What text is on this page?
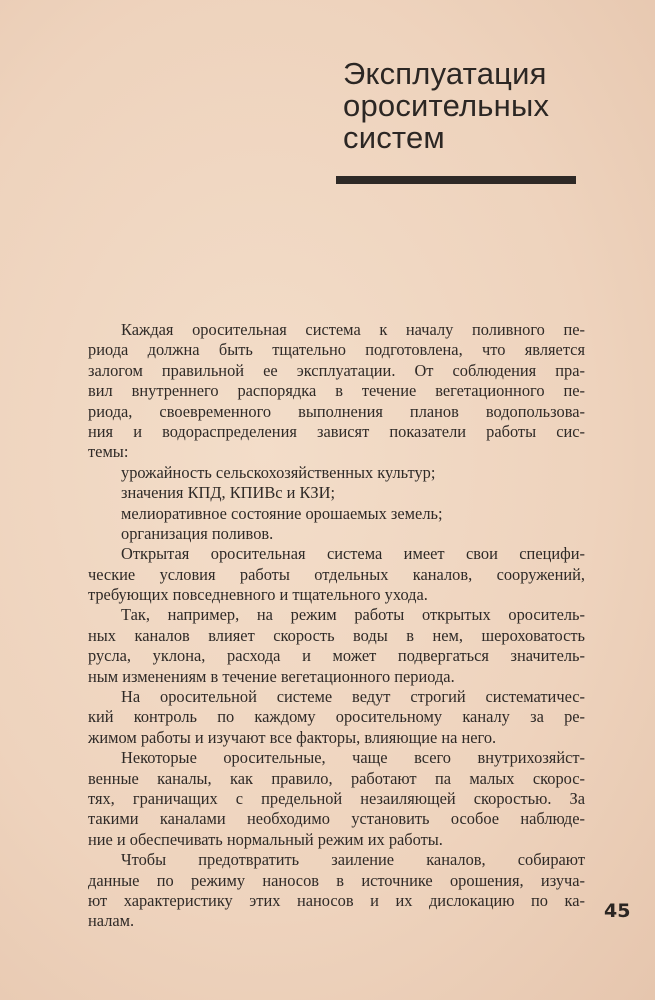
Эксплуатация
оросительных
систем
Каждая оросительная система к началу поливного пе-
риода должна быть тщательно подготовлена, что является
залогом правильной ее эксплуатации. От соблюдения пра-
вил внутреннего распорядка в течение вегетационного пе-
риода, своевременного выполнения планов водопользова-
ния и водораспределения зависят показатели работы сис-
темы:
урожайность сельскохозяйственных культур;
значения КПД, КПИВс и КЗИ;
мелиоративное состояние орошаемых земель;
организация поливов.
Открытая оросительная система имеет свои специфи-
ческие условия работы отдельных каналов, сооружений,
требующих повседневного и тщательного ухода.
Так, например, на режим работы открытых ороситель-
ных каналов влияет скорость воды в нем, шероховатость
русла, уклона, расхода и может подвергаться значитель-
ным изменениям в течение вегетационного периода.
На оросительной системе ведут строгий систематичес-
кий контроль по каждому оросительному каналу за ре-
жимом работы и изучают все факторы, влияющие на него.
Некоторые оросительные, чаще всего внутрихозяйст-
венные каналы, как правило, работают па малых скорос-
тях, граничащих с предельной незаиляющей скоростью. За
такими каналами необходимо установить особое наблюде-
ние и обеспечивать нормальный режим их работы.
Чтобы предотвратить заиление каналов, собирают
данные по режиму наносов в источнике орошения, изуча-
ют характеристику этих наносов и их дислокацию по ка-
налам.	45
